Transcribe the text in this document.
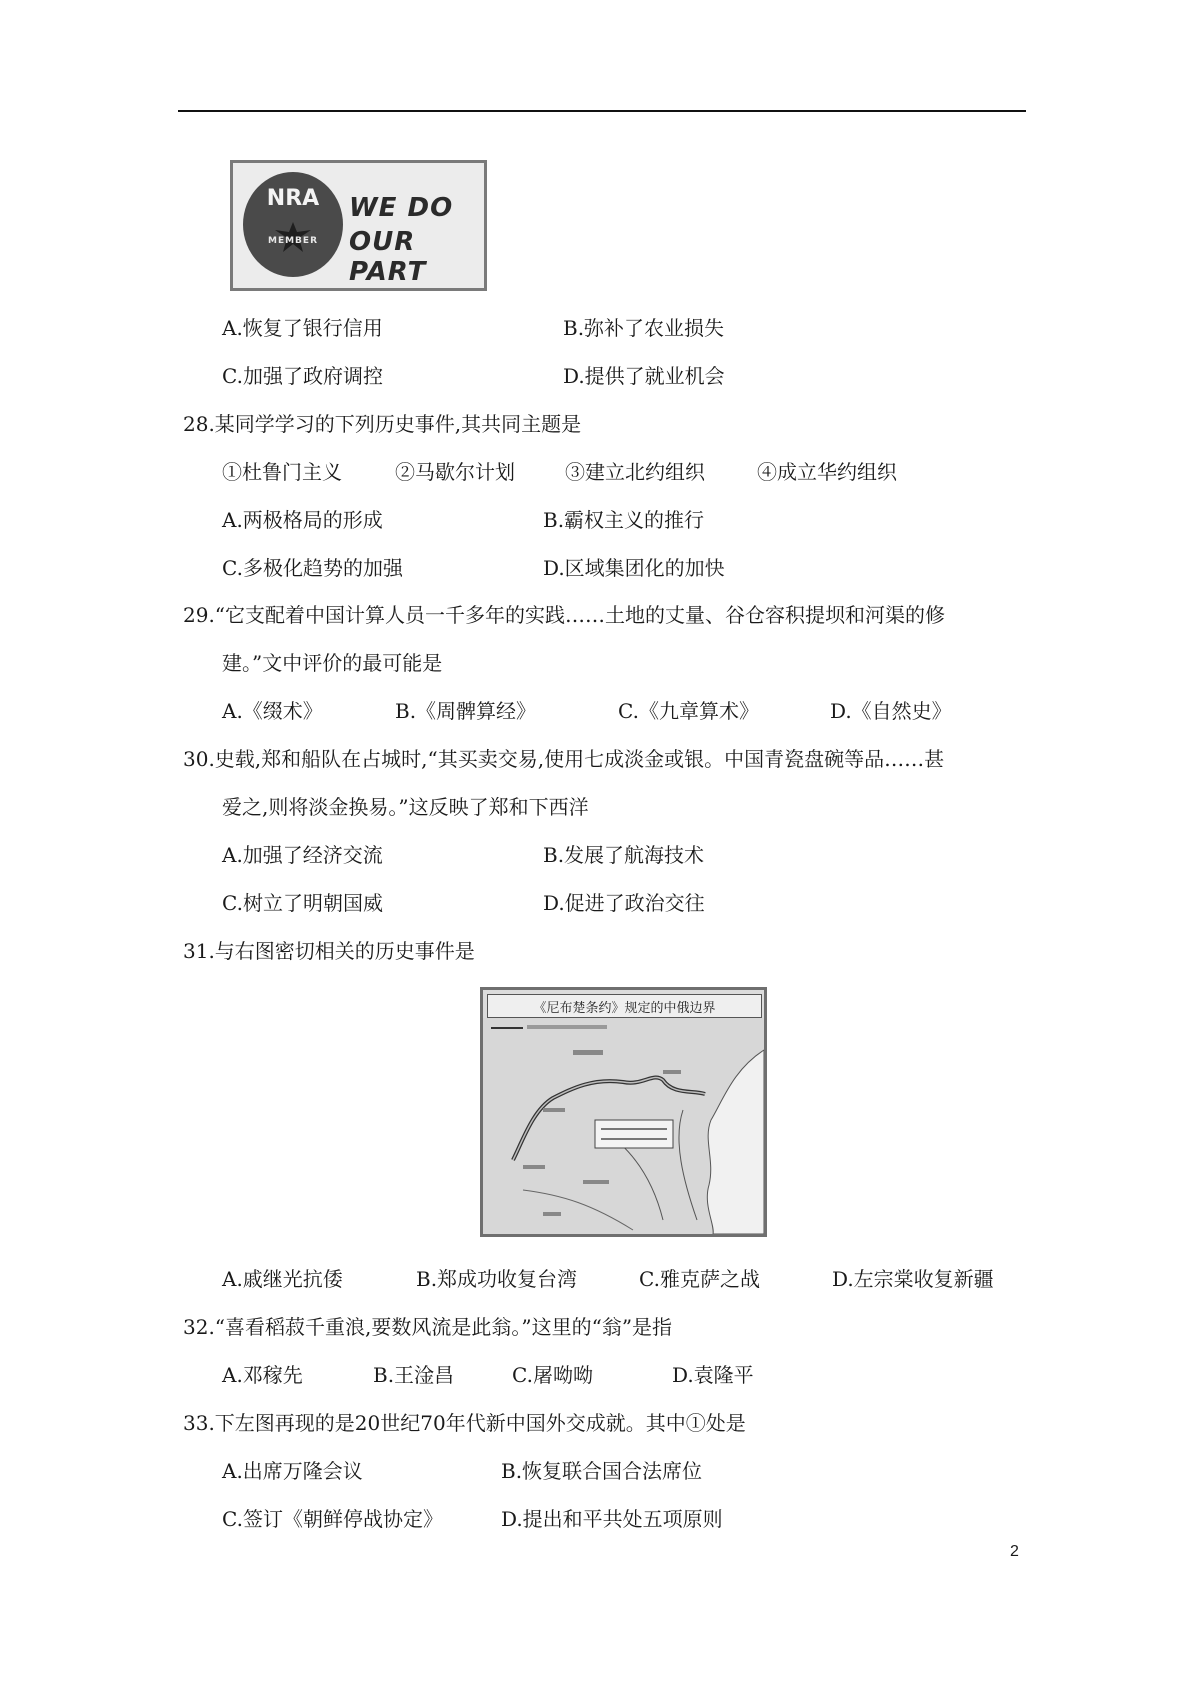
NRA
MEMBER
WE DO
OUR PART
A.恢复了银行信用	B.弥补了农业损失
C.加强了政府调控	D.提供了就业机会
28.某同学学习的下列历史事件,其共同主题是
①杜鲁门主义	②马歇尔计划	③建立北约组织	④成立华约组织
A.两极格局的形成	B.霸权主义的推行
C.多极化趋势的加强	D.区域集团化的加快
29.“它支配着中国计算人员一千多年的实践……土地的丈量、谷仓容积提坝和河渠的修
建。”文中评价的最可能是
A.《缀术》	B.《周髀算经》	C.《九章算术》	D.《自然史》
30.史载,郑和船队在占城时,“其买卖交易,使用七成淡金或银。中国青瓷盘碗等品……甚
爱之,则将淡金换易。”这反映了郑和下西洋
A.加强了经济交流	B.发展了航海技术
C.树立了明朝国威	D.促进了政治交往
31.与右图密切相关的历史事件是
《尼布楚条约》规定的中俄边界
A.戚继光抗倭	B.郑成功收复台湾	C.雅克萨之战	D.左宗棠收复新疆
32.“喜看稻菽千重浪,要数风流是此翁。”这里的“翁”是指
A.邓稼先	B.王淦昌	C.屠呦呦	D.袁隆平
33.下左图再现的是20世纪70年代新中国外交成就。其中①处是
A.出席万隆会议	B.恢复联合国合法席位
C.签订《朝鲜停战协定》	D.提出和平共处五项原则
2
